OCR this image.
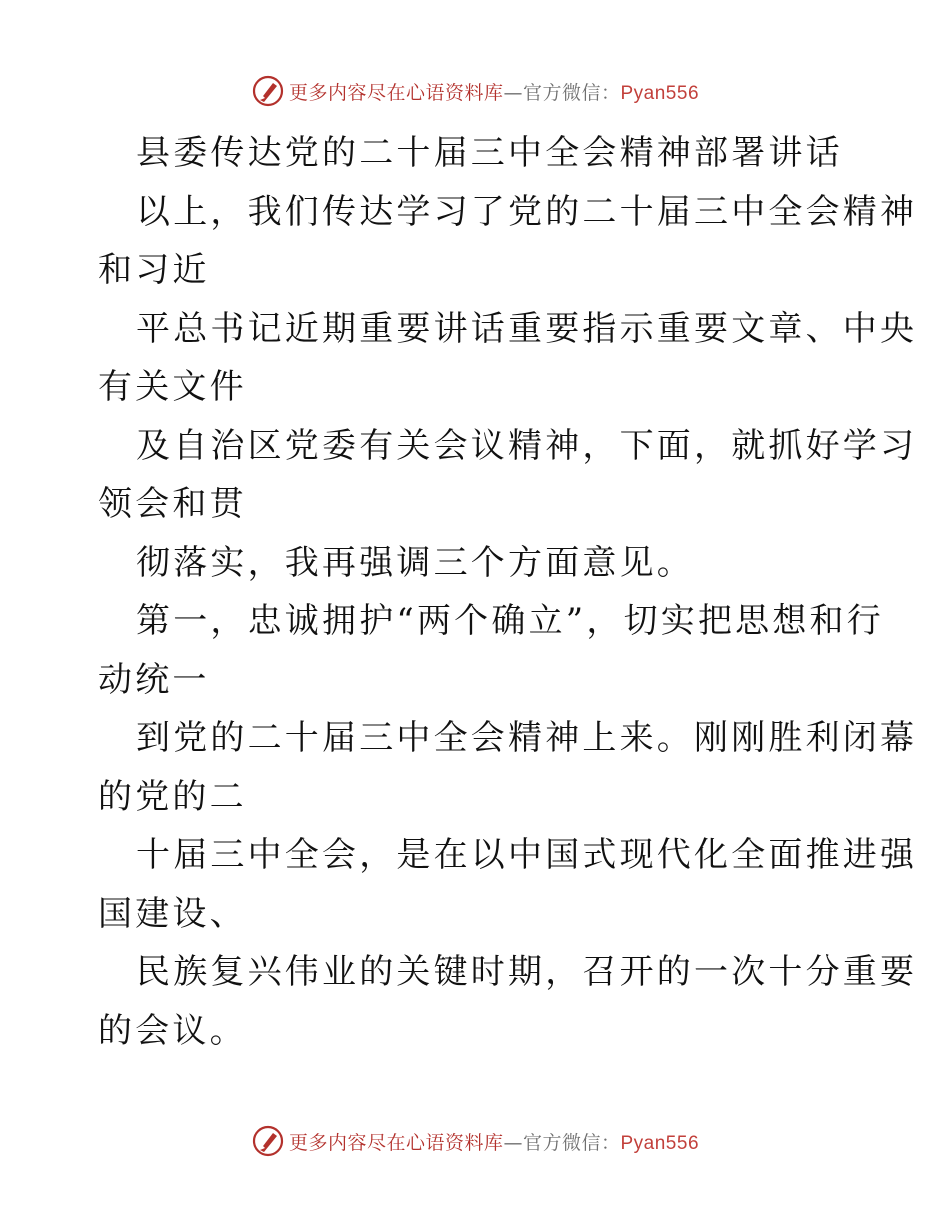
更多内容尽在心语资料库—官方微信：Pyan556
县委传达党的二十届三中全会精神部署讲话
以上，我们传达学习了党的二十届三中全会精神
和习近
平总书记近期重要讲话重要指示重要文章、中央
有关文件
及自治区党委有关会议精神，下面，就抓好学习
领会和贯
彻落实，我再强调三个方面意见。
第一，忠诚拥护“两个确立”，切实把思想和行
动统一
到党的二十届三中全会精神上来。刚刚胜利闭幕
的党的二
十届三中全会，是在以中国式现代化全面推进强
国建设、
民族复兴伟业的关键时期，召开的一次十分重要
的会议。
更多内容尽在心语资料库—官方微信：Pyan556
